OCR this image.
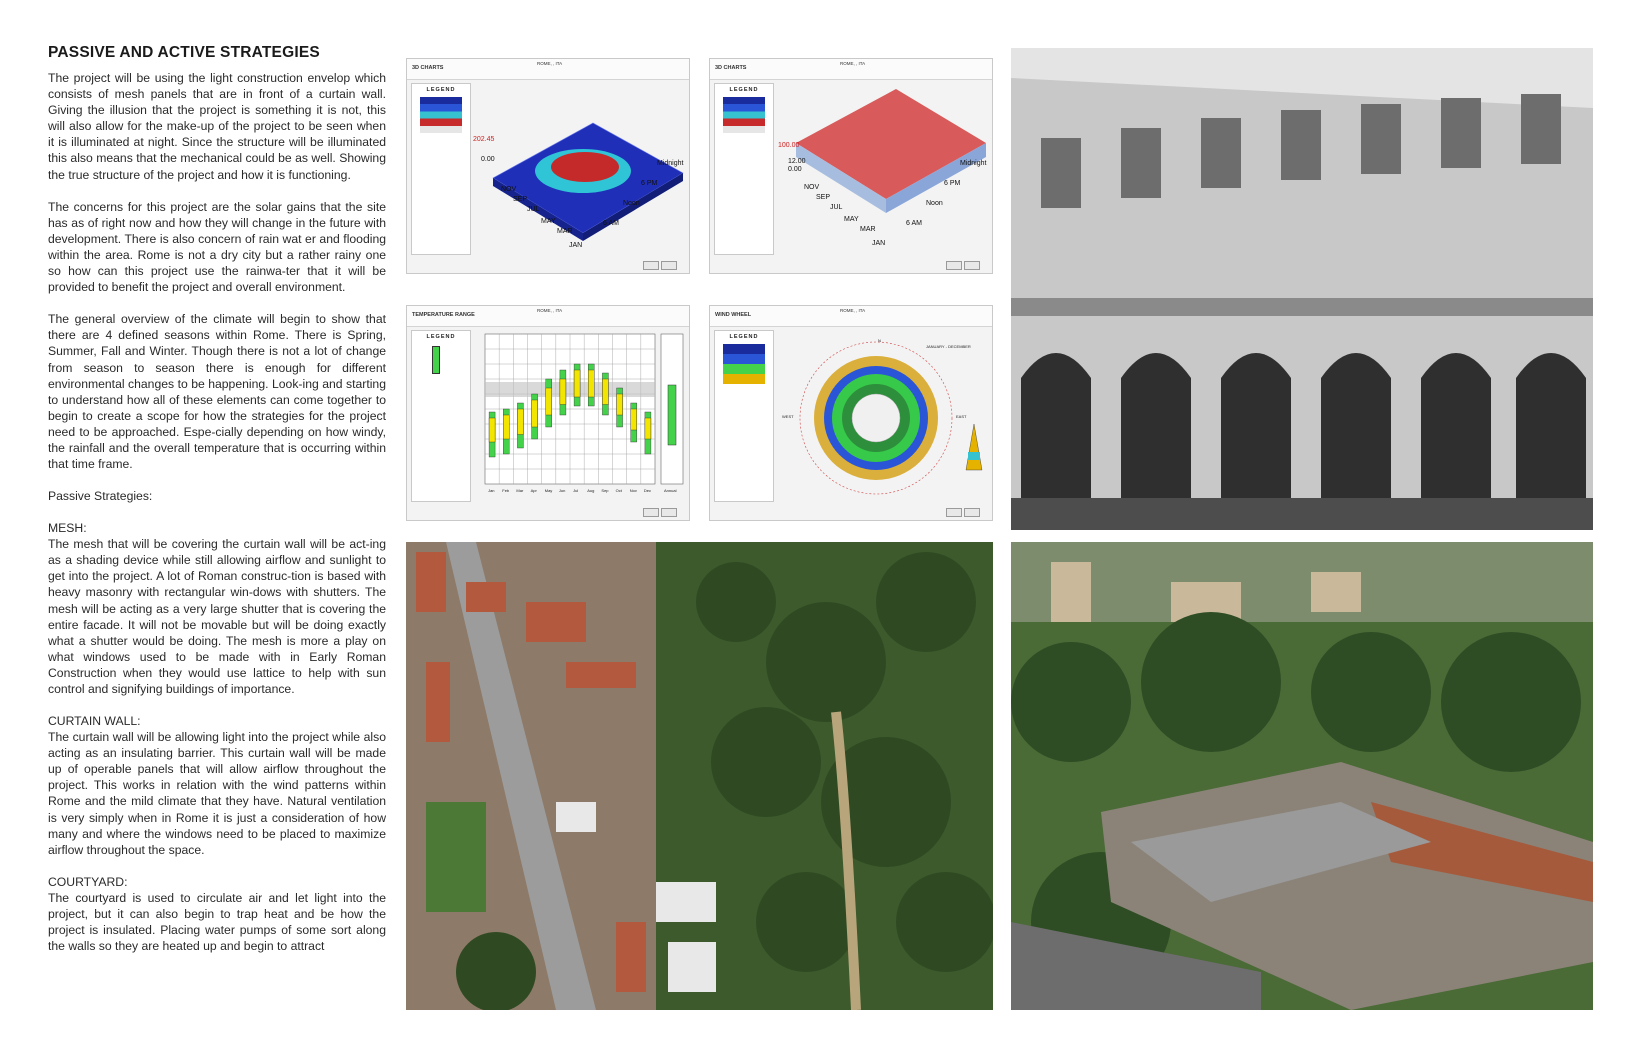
PASSIVE AND ACTIVE STRATEGIES

The project will be using the light construction envelop which consists of mesh panels that are in front of a curtain wall. Giving the illusion that the project is something it is not, this will also allow for the make-up of the project to be seen when it is illuminated at night. Since the structure will be illuminated this also means that the mechanical could be as well. Showing the true structure of the project and how it is functioning.

The concerns for this project are the solar gains that the site has as of right now and how they will change in the future with development. There is also concern of rain wat er and flooding within the area. Rome is not a dry city but a rather rainy one so how can this project use the rainwa-ter that it will be provided to benefit the project and overall environment.

The general overview of the climate will begin to show that there are 4 defined seasons within Rome. There is Spring, Summer, Fall and Winter. Though there is not a lot of change from season to season there is enough for different environmental changes to be happening. Look-ing and starting to understand how all of these elements can come together to begin to create a scope for how the strategies for the project need to be approached. Espe-cially depending on how windy, the rainfall and the overall temperature that is occurring within that time frame.

Passive Strategies:

MESH:

The mesh that will be covering the curtain wall will be act-ing as a shading device while still allowing airflow and sunlight to get into the project. A lot of Roman construc-tion is based with heavy masonry with rectangular win-dows with shutters. The mesh will be acting as a very large shutter that is covering the entire facade. It will not be movable but will be doing exactly what a shutter would be doing. The mesh is more a play on what windows used to be made with in Early Roman Construction when they would use lattice to help with sun control and signifying buildings of importance.

CURTAIN WALL:

The curtain wall will be allowing light into the project while also acting as an insulating barrier. This curtain wall will be made up of operable panels that will allow airflow throughout the project. This works in relation with the wind patterns within Rome and the mild climate that they have. Natural ventilation is very simply when in Rome it is just a consideration of how many and where the windows need to be placed to maximize airflow throughout the space.

COURTYARD:

The courtyard is used to circulate air and let light into the project, but it can also begin to trap heat and be how the project is insulated. Placing water pumps of some sort along the walls so they are heated up and begin to attract

3D CHARTS
ROME, , ITA
LEGEND
202.45
0.00
NOV
SEP
JUL
MAY
MAR
JAN
Midnight
6 PM
Noon
6 AM
3D CHARTS
ROME, , ITA
LEGEND
100.00
12.00
0.00
NOV
SEP
JUL
MAY
MAR
JAN
Midnight
6 PM
Noon
6 AM
TEMPERATURE RANGE
ROME, , ITA
LEGEND
Jan Feb Mar Apr May Jun Jul Aug Sep Oct Nov Dec	Annual
WIND WHEEL
ROME, , ITA
LEGEND
N
EAST
WEST
JANUARY - DECEMBER
